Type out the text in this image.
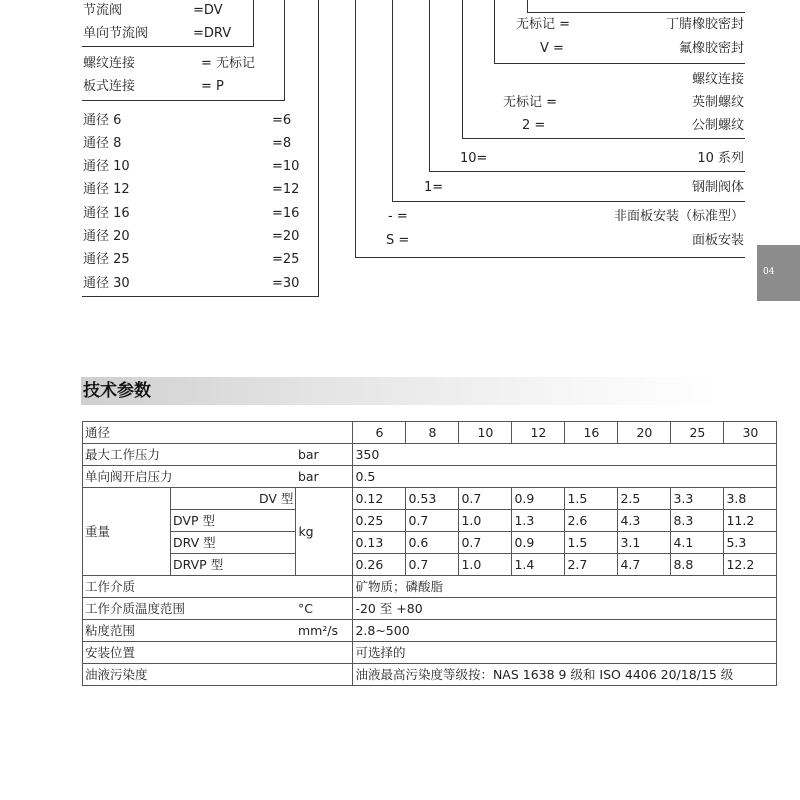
节流阀	=DV
单向节流阀	=DRV
螺纹连接	= 无标记
板式连接	= P
通径 6	=6
通径 8	=8
通径 10	=10
通径 12	=12
通径 16	=16
通径 20	=20
通径 25	=25
通径 30	=30
无标记 =	丁腈橡胶密封
V =	氟橡胶密封
螺纹连接
无标记 =	英制螺纹
2 =	公制螺纹
10=	10 系列
1=	钢制阀体
- =	非面板安装（标准型）
S =	面板安装
04
技术参数
通径			6	8	10	12	16	20	25	30
最大工作压力		bar	350							
单向阀开启压力		bar	0.5							
重量	DV 型	kg	0.12	0.53	0.7	0.9	1.5	2.5	3.3	3.8
	DVP 型		0.25	0.7	1.0	1.3	2.6	4.3	8.3	11.2
	DRV 型		0.13	0.6	0.7	0.9	1.5	3.1	4.1	5.3
	DRVP 型		0.26	0.7	1.0	1.4	2.7	4.7	8.8	12.2
工作介质			矿物质；磷酸脂							
工作介质温度范围		°C	-20 至 +80							
粘度范围		mm²/s	2.8~500							
安装位置			可选择的							
油液污染度			油液最高污染度等级按：NAS 1638 9 级和 ISO 4406 20/18/15 级							
